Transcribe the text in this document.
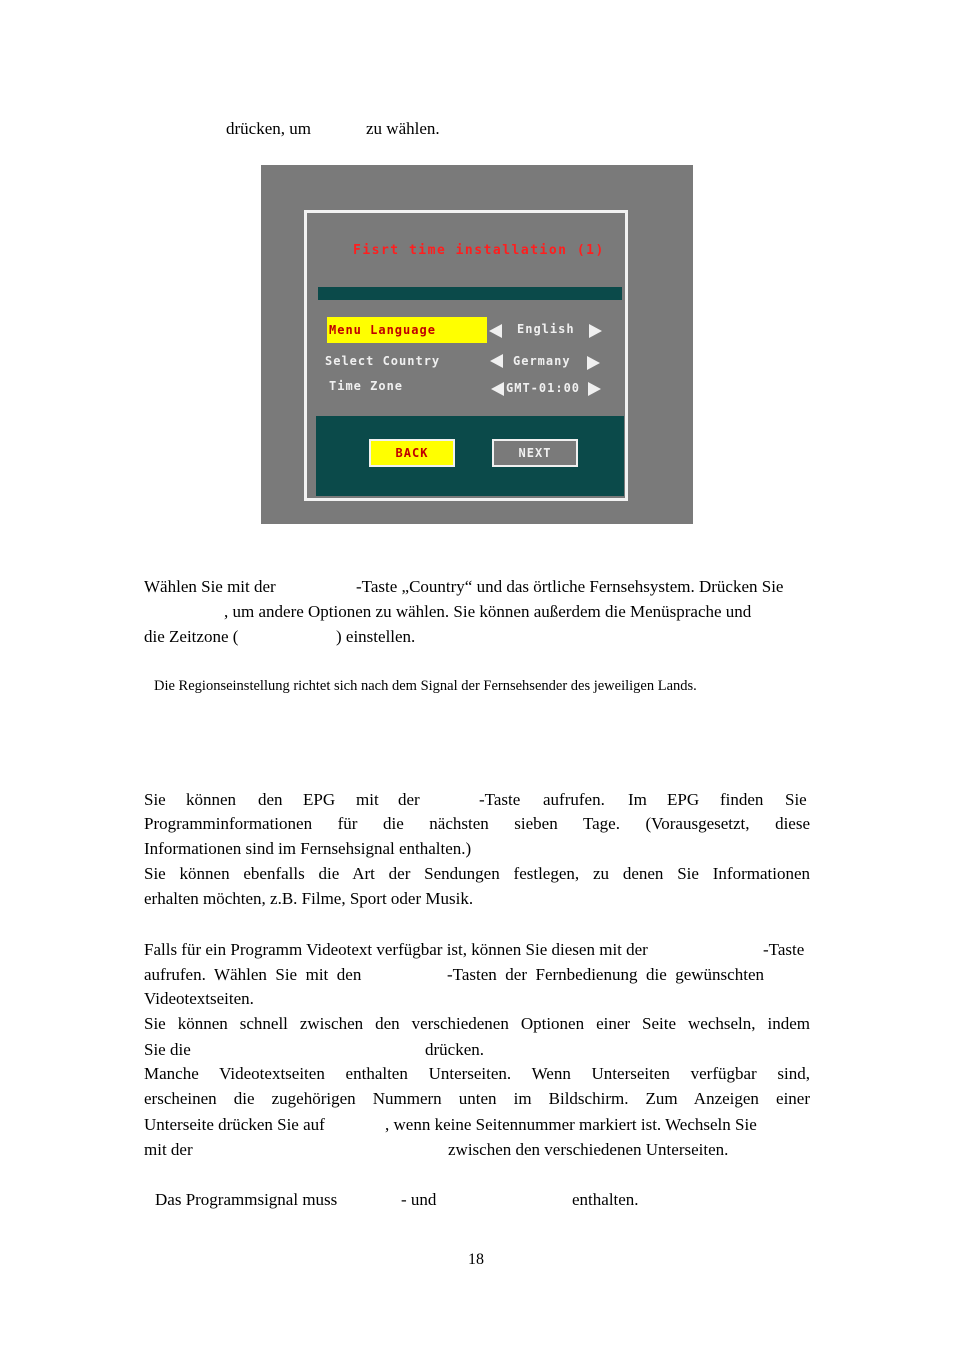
drücken, um	zu wählen.
Fisrt time installation (1)
Menu Language	English
Select Country	Germany
Time Zone	GMT-01:00
BACK	NEXT
Wählen Sie mit der	-Taste „Country“ und das örtliche Fernsehsystem. Drücken Sie
, um andere Optionen zu wählen. Sie können außerdem die Menüsprache und
die Zeitzone (	) einstellen.
Die Regionseinstellung richtet sich nach dem Signal der Fernsehsender des jeweiligen Lands.
Sie können den EPG mit der	-Taste aufrufen. Im EPG finden Sie
Programminformationen für die nächsten sieben Tage. (Vorausgesetzt, diese
Informationen sind im Fernsehsignal enthalten.)
Sie können ebenfalls die Art der Sendungen festlegen, zu denen Sie Informationen
erhalten möchten, z.B. Filme, Sport oder Musik.
Falls für ein Programm Videotext verfügbar ist, können Sie diesen mit der	-Taste
aufrufen.  Wählen  Sie  mit  den	-Tasten  der  Fernbedienung  die  gewünschten
Videotextseiten.
Sie können schnell zwischen den verschiedenen Optionen einer Seite wechseln, indem
Sie die	drücken.
Manche Videotextseiten enthalten Unterseiten. Wenn Unterseiten verfügbar sind,
erscheinen die zugehörigen Nummern unten im Bildschirm. Zum Anzeigen einer
Unterseite drücken Sie auf	, wenn keine Seitennummer markiert ist. Wechseln Sie
mit der	zwischen den verschiedenen Unterseiten.
Das Programmsignal muss	- und	enthalten.
18
